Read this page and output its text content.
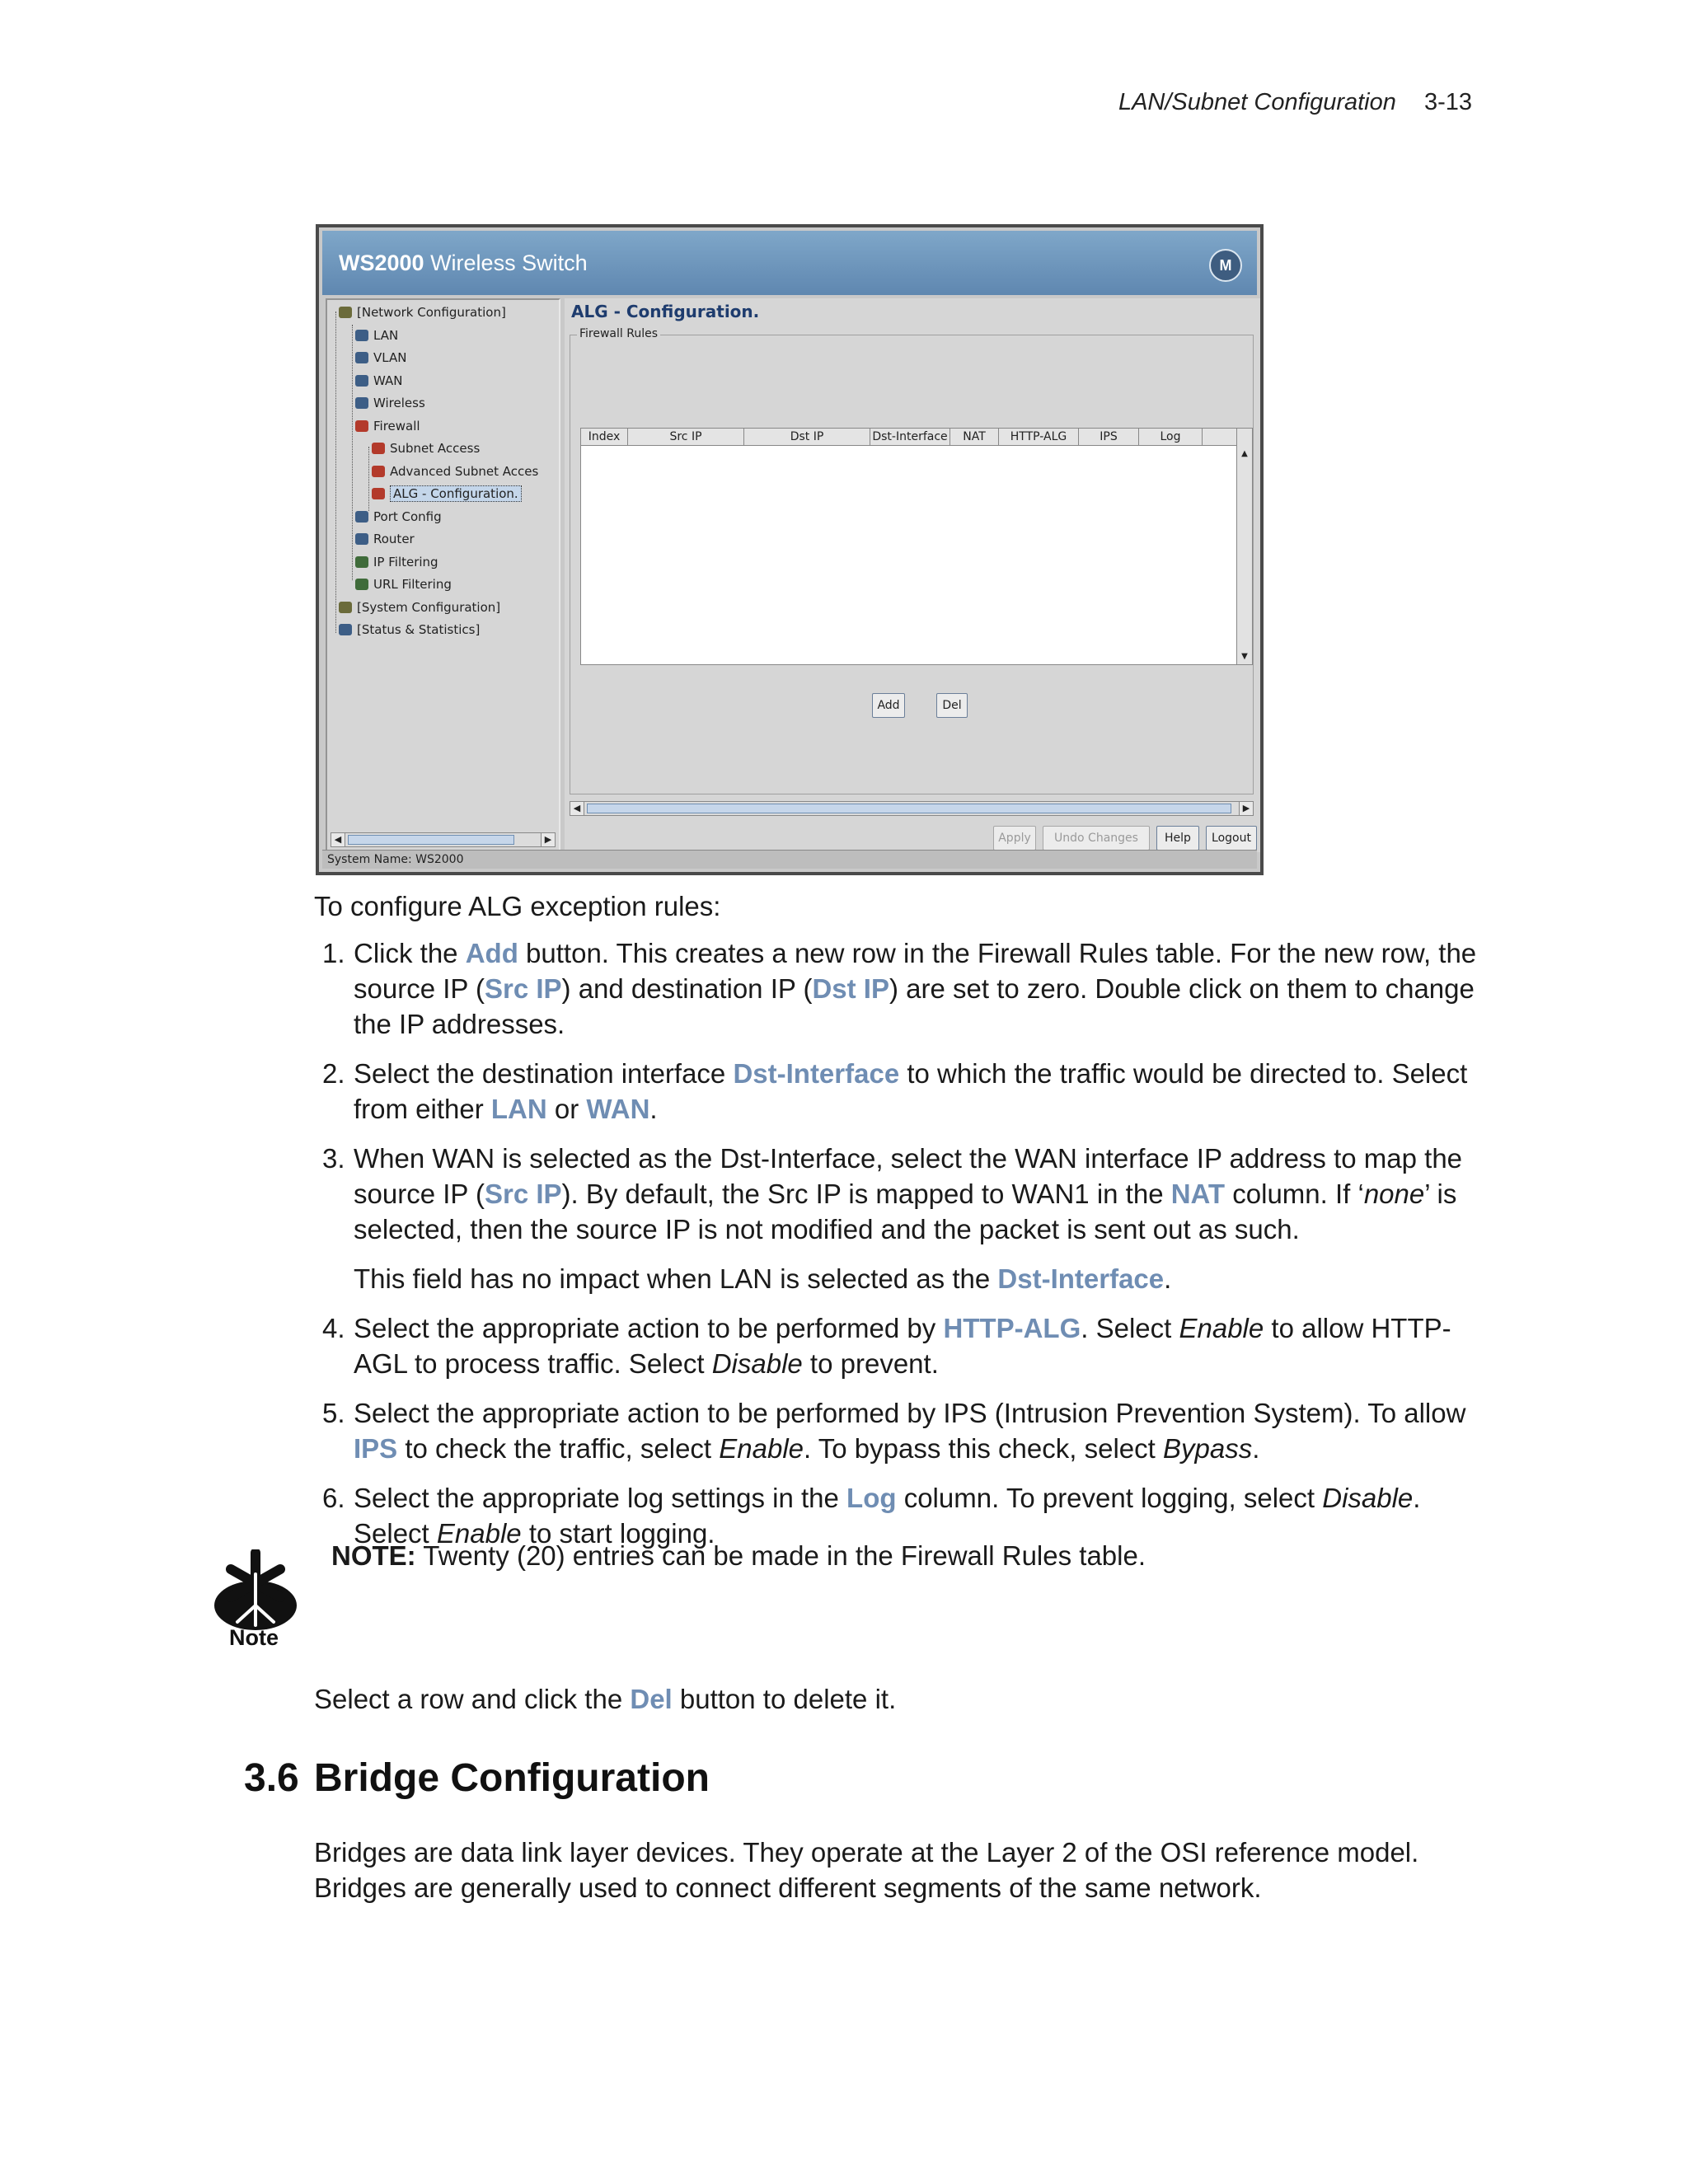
LAN/Subnet Configuration 3-13
WS2000 Wireless Switch	M
[Network Configuration]
LAN
VLAN
WAN
Wireless
Firewall
Subnet Access
Advanced Subnet Acces
ALG - Configuration.
Port Config
Router
IP Filtering
URL Filtering
[System Configuration]
[Status & Statistics]
◀	▶
ALG - Configuration.
Firewall Rules
Index	Src IP	Dst IP	Dst-Interface	NAT	HTTP-ALG	IPS	Log
▲
▼
Add	Del
◀	▶
Apply	Undo Changes	Help	Logout
System Name: WS2000
To configure ALG exception rules:
1. Click the Add button. This creates a new row in the Firewall Rules table. For the new row, the source IP (Src IP) and destination IP (Dst IP) are set to zero. Double click on them to change the IP addresses.
2. Select the destination interface Dst-Interface to which the traffic would be directed to. Select from either LAN or WAN.
3. When WAN is selected as the Dst-Interface, select the WAN interface IP address to map the source IP (Src IP). By default, the Src IP is mapped to WAN1 in the NAT column. If ‘none’ is selected, then the source IP is not modified and the packet is sent out as such.
This field has no impact when LAN is selected as the Dst-Interface.
4. Select the appropriate action to be performed by HTTP-ALG. Select Enable to allow HTTP-AGL to process traffic. Select Disable to prevent.
5. Select the appropriate action to be performed by IPS (Intrusion Prevention System). To allow IPS to check the traffic, select Enable. To bypass this check, select Bypass.
6. Select the appropriate log settings in the Log column. To prevent logging, select Disable. Select Enable to start logging.
Note
NOTE: Twenty (20) entries can be made in the Firewall Rules table.
Select a row and click the Del button to delete it.
3.6 Bridge Configuration
Bridges are data link layer devices. They operate at the Layer 2 of the OSI reference model. Bridges are generally used to connect different segments of the same network.
